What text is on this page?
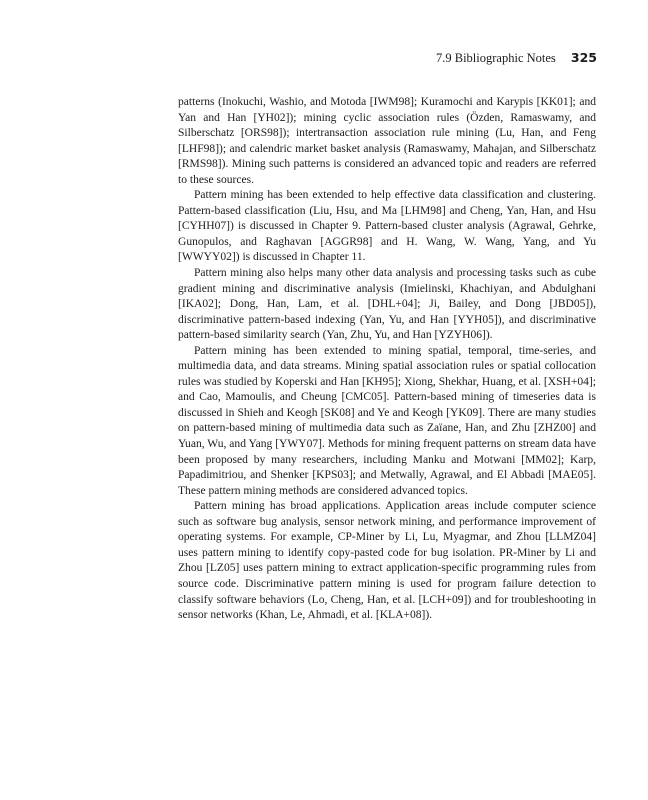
7.9 Bibliographic Notes 325

patterns (Inokuchi, Washio, and Motoda [IWM98]; Kuramochi and Karypis [KK01]; and Yan and Han [YH02]); mining cyclic association rules (Özden, Ramaswamy, and Silberschatz [ORS98]); intertransaction association rule mining (Lu, Han, and Feng [LHF98]); and calendric market basket analysis (Ramaswamy, Mahajan, and Silberschatz [RMS98]). Mining such patterns is considered an advanced topic and readers are referred to these sources.

Pattern mining has been extended to help effective data classification and clustering. Pattern-based classification (Liu, Hsu, and Ma [LHM98] and Cheng, Yan, Han, and Hsu [CYHH07]) is discussed in Chapter 9. Pattern-based cluster analysis (Agrawal, Gehrke, Gunopulos, and Raghavan [AGGR98] and H. Wang, W. Wang, Yang, and Yu [WWYY02]) is discussed in Chapter 11.

Pattern mining also helps many other data analysis and processing tasks such as cube gradient mining and discriminative analysis (Imielinski, Khachiyan, and Abdulghani [IKA02]; Dong, Han, Lam, et al. [DHL+04]; Ji, Bailey, and Dong [JBD05]), discriminative pattern-based indexing (Yan, Yu, and Han [YYH05]), and discriminative pattern-based similarity search (Yan, Zhu, Yu, and Han [YZYH06]).

Pattern mining has been extended to mining spatial, temporal, time-series, and multimedia data, and data streams. Mining spatial association rules or spatial collocation rules was studied by Koperski and Han [KH95]; Xiong, Shekhar, Huang, et al. [XSH+04]; and Cao, Mamoulis, and Cheung [CMC05]. Pattern-based mining of timeseries data is discussed in Shieh and Keogh [SK08] and Ye and Keogh [YK09]. There are many studies on pattern-based mining of multimedia data such as Zaïane, Han, and Zhu [ZHZ00] and Yuan, Wu, and Yang [YWY07]. Methods for mining frequent patterns on stream data have been proposed by many researchers, including Manku and Motwani [MM02]; Karp, Papadimitriou, and Shenker [KPS03]; and Metwally, Agrawal, and El Abbadi [MAE05]. These pattern mining methods are considered advanced topics.

Pattern mining has broad applications. Application areas include computer science such as software bug analysis, sensor network mining, and performance improvement of operating systems. For example, CP-Miner by Li, Lu, Myagmar, and Zhou [LLMZ04] uses pattern mining to identify copy-pasted code for bug isolation. PR-Miner by Li and Zhou [LZ05] uses pattern mining to extract application-specific programming rules from source code. Discriminative pattern mining is used for program failure detection to classify software behaviors (Lo, Cheng, Han, et al. [LCH+09]) and for troubleshooting in sensor networks (Khan, Le, Ahmadi, et al. [KLA+08]).
